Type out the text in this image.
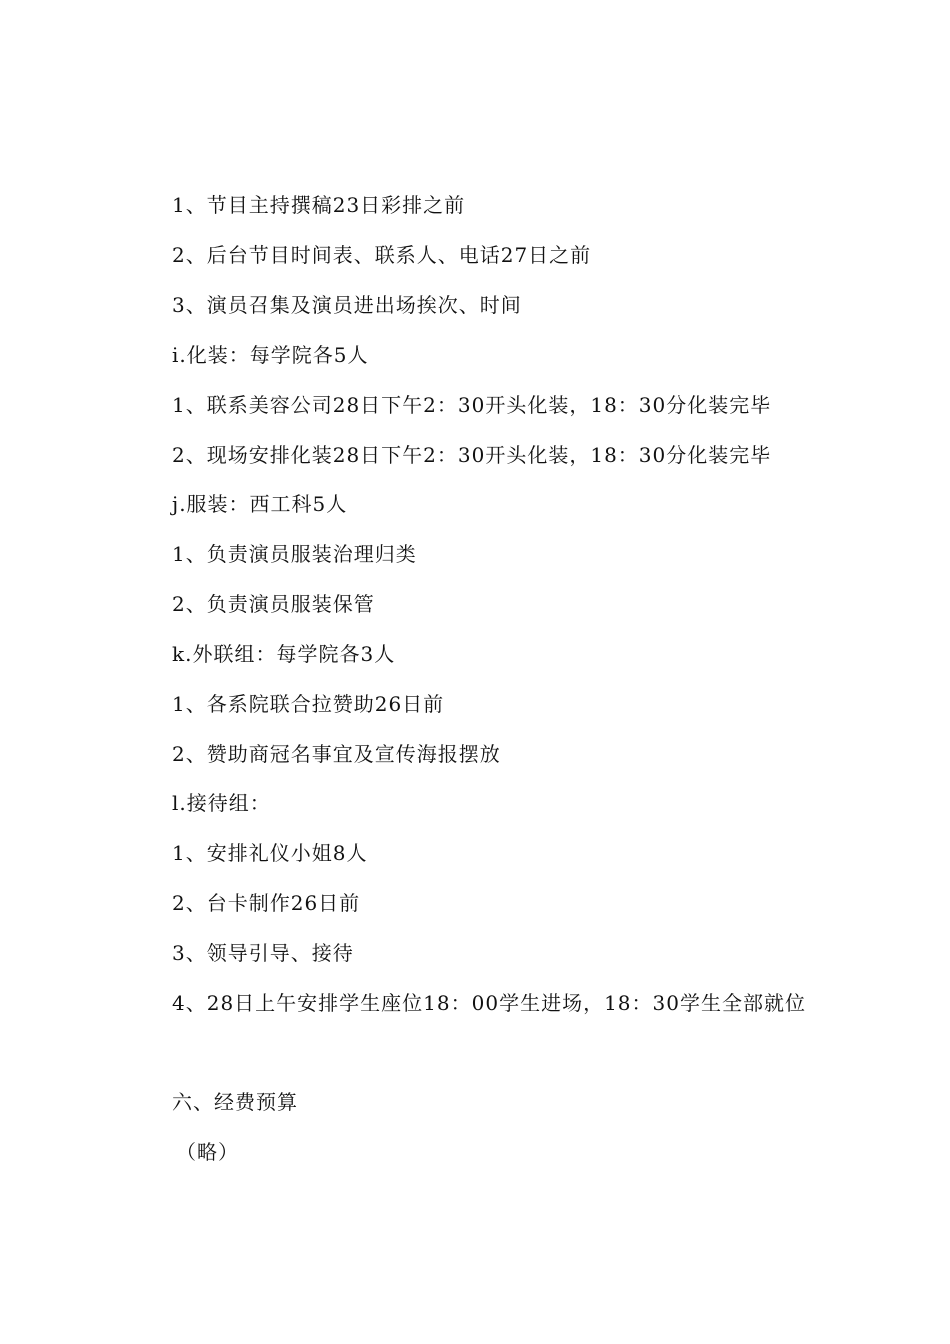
1、节目主持撰稿23日彩排之前
2、后台节目时间表、联系人、电话27日之前
3、演员召集及演员进出场挨次、时间
i.化装：每学院各5人
1、联系美容公司28日下午2：30开头化装，18：30分化装完毕
2、现场安排化装28日下午2：30开头化装，18：30分化装完毕
j.服装：西工科5人
1、负责演员服装治理归类
2、负责演员服装保管
k.外联组：每学院各3人
1、各系院联合拉赞助26日前
2、赞助商冠名事宜及宣传海报摆放
l.接待组：
1、安排礼仪小姐8人
2、台卡制作26日前
3、领导引导、接待
4、28日上午安排学生座位18：00学生进场，18：30学生全部就位
六、经费预算
（略）
